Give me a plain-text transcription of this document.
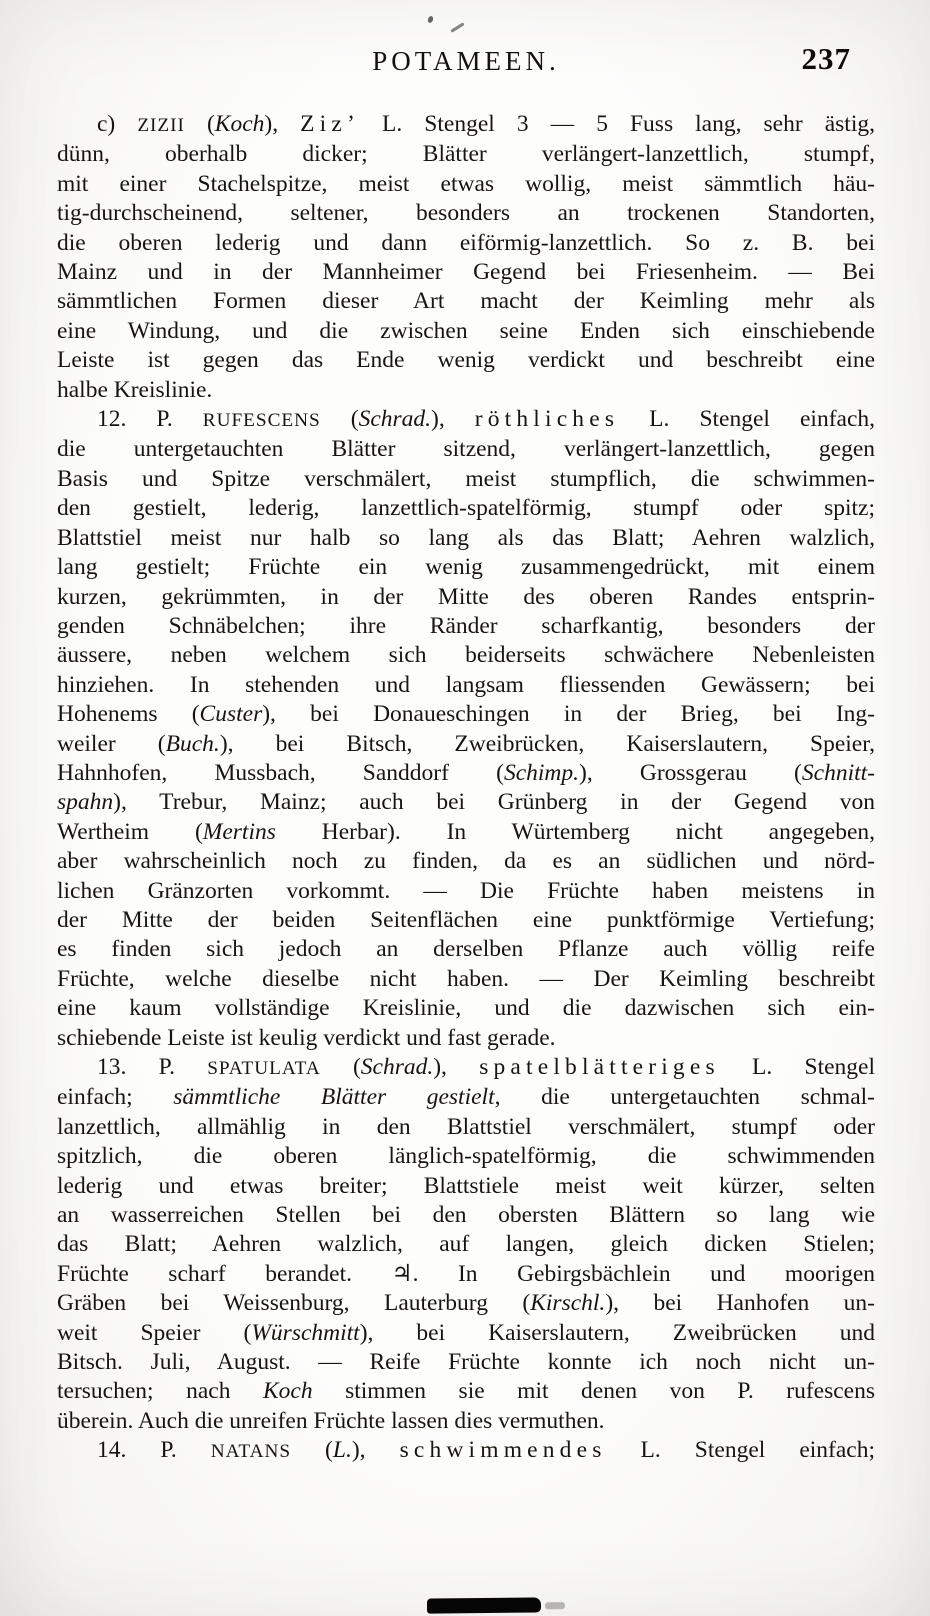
POTAMEEN.	237
c) ZIZII (Koch), Ziz’ L. Stengel 3 — 5 Fuss lang, sehr ästig,
dünn, oberhalb dicker; Blätter verlängert-lanzettlich, stumpf,
mit einer Stachelspitze, meist etwas wollig, meist sämmtlich häu-
tig-durchscheinend, seltener, besonders an trockenen Standorten,
die oberen lederig und dann eiförmig-lanzettlich. So z. B. bei
Mainz und in der Mannheimer Gegend bei Friesenheim. — Bei
sämmtlichen Formen dieser Art macht der Keimling mehr als
eine Windung, und die zwischen seine Enden sich einschiebende
Leiste ist gegen das Ende wenig verdickt und beschreibt eine
halbe Kreislinie.
12. P. RUFESCENS (Schrad.), röthliches L. Stengel einfach,
die untergetauchten Blätter sitzend, verlängert-lanzettlich, gegen
Basis und Spitze verschmälert, meist stumpflich, die schwimmen-
den gestielt, lederig, lanzettlich-spatelförmig, stumpf oder spitz;
Blattstiel meist nur halb so lang als das Blatt; Aehren walzlich,
lang gestielt; Früchte ein wenig zusammengedrückt, mit einem
kurzen, gekrümmten, in der Mitte des oberen Randes entsprin-
genden Schnäbelchen; ihre Ränder scharfkantig, besonders der
äussere, neben welchem sich beiderseits schwächere Nebenleisten
hinziehen. In stehenden und langsam fliessenden Gewässern; bei
Hohenems (Custer), bei Donaueschingen in der Brieg, bei Ing-
weiler (Buch.), bei Bitsch, Zweibrücken, Kaiserslautern, Speier,
Hahnhofen, Mussbach, Sanddorf (Schimp.), Grossgerau (Schnitt-
spahn), Trebur, Mainz; auch bei Grünberg in der Gegend von
Wertheim (Mertins Herbar). In Würtemberg nicht angegeben,
aber wahrscheinlich noch zu finden, da es an südlichen und nörd-
lichen Gränzorten vorkommt. — Die Früchte haben meistens in
der Mitte der beiden Seitenflächen eine punktförmige Vertiefung;
es finden sich jedoch an derselben Pflanze auch völlig reife
Früchte, welche dieselbe nicht haben. — Der Keimling beschreibt
eine kaum vollständige Kreislinie, und die dazwischen sich ein-
schiebende Leiste ist keulig verdickt und fast gerade.
13. P. SPATULATA (Schrad.), spatelblätteriges L. Stengel
einfach; sämmtliche Blätter gestielt, die untergetauchten schmal-
lanzettlich, allmählig in den Blattstiel verschmälert, stumpf oder
spitzlich, die oberen länglich-spatelförmig, die schwimmenden
lederig und etwas breiter; Blattstiele meist weit kürzer, selten
an wasserreichen Stellen bei den obersten Blättern so lang wie
das Blatt; Aehren walzlich, auf langen, gleich dicken Stielen;
Früchte scharf berandet. ♃. In Gebirgsbächlein und moorigen
Gräben bei Weissenburg, Lauterburg (Kirschl.), bei Hanhofen un-
weit Speier (Würschmitt), bei Kaiserslautern, Zweibrücken und
Bitsch. Juli, August. — Reife Früchte konnte ich noch nicht un-
tersuchen; nach Koch stimmen sie mit denen von P. rufescens
überein. Auch die unreifen Früchte lassen dies vermuthen.
14. P. NATANS (L.), schwimmendes L. Stengel einfach;
